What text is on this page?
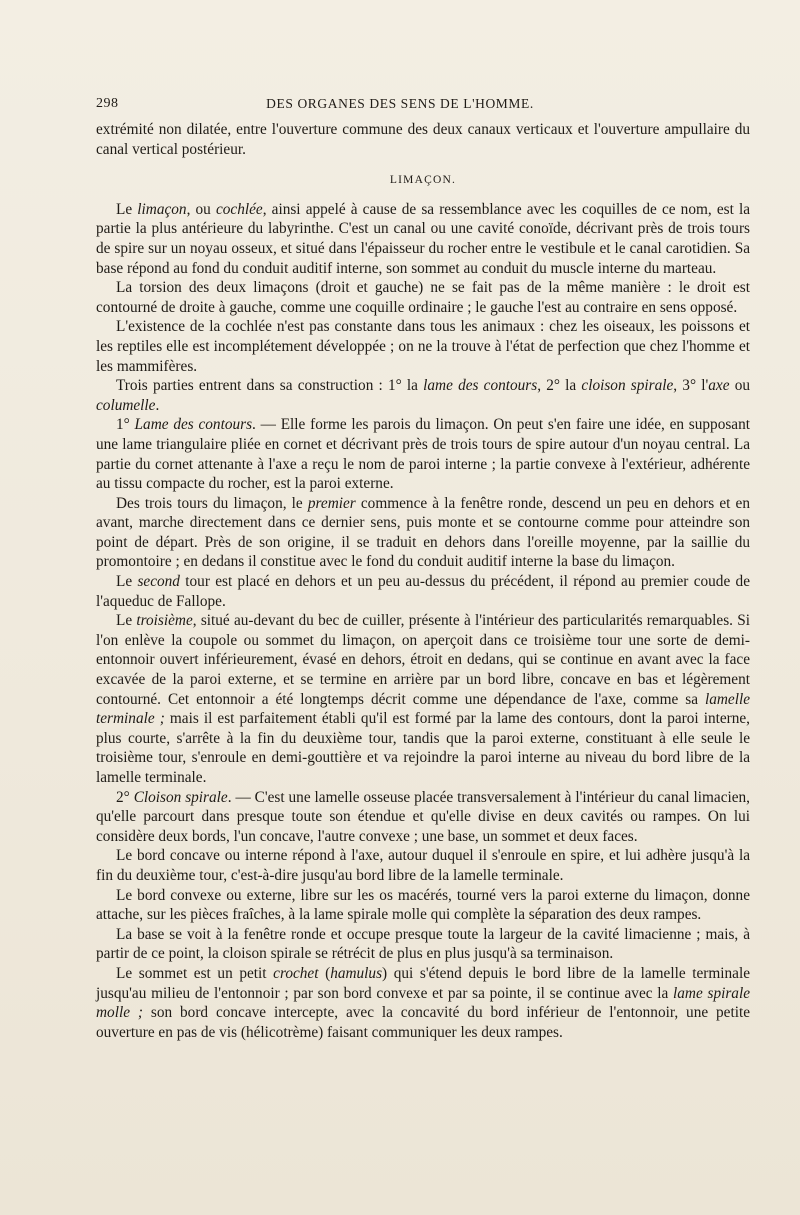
298	DES ORGANES DES SENS DE L'HOMME.

extrémité non dilatée, entre l'ouverture commune des deux canaux verticaux et l'ouverture ampullaire du canal vertical postérieur.

LIMAÇON.

Le limaçon, ou cochlée, ainsi appelé à cause de sa ressemblance avec les coquilles de ce nom, est la partie la plus antérieure du labyrinthe. C'est un canal ou une cavité conoïde, décrivant près de trois tours de spire sur un noyau osseux, et situé dans l'épaisseur du rocher entre le vestibule et le canal carotidien. Sa base répond au fond du conduit auditif interne, son sommet au conduit du muscle interne du marteau.

La torsion des deux limaçons (droit et gauche) ne se fait pas de la même manière : le droit est contourné de droite à gauche, comme une coquille ordinaire ; le gauche l'est au contraire en sens opposé.

L'existence de la cochlée n'est pas constante dans tous les animaux : chez les oiseaux, les poissons et les reptiles elle est incomplétement développée ; on ne la trouve à l'état de perfection que chez l'homme et les mammifères.

Trois parties entrent dans sa construction : 1° la lame des contours, 2° la cloison spirale, 3° l'axe ou columelle.

1° Lame des contours. — Elle forme les parois du limaçon. On peut s'en faire une idée, en supposant une lame triangulaire pliée en cornet et décrivant près de trois tours de spire autour d'un noyau central. La partie du cornet attenante à l'axe a reçu le nom de paroi interne ; la partie convexe à l'extérieur, adhérente au tissu compacte du rocher, est la paroi externe.

Des trois tours du limaçon, le premier commence à la fenêtre ronde, descend un peu en dehors et en avant, marche directement dans ce dernier sens, puis monte et se contourne comme pour atteindre son point de départ. Près de son origine, il se traduit en dehors dans l'oreille moyenne, par la saillie du promontoire ; en dedans il constitue avec le fond du conduit auditif interne la base du limaçon.

Le second tour est placé en dehors et un peu au-dessus du précédent, il répond au premier coude de l'aqueduc de Fallope.

Le troisième, situé au-devant du bec de cuiller, présente à l'intérieur des particularités remarquables. Si l'on enlève la coupole ou sommet du limaçon, on aperçoit dans ce troisième tour une sorte de demi-entonnoir ouvert inférieurement, évasé en dehors, étroit en dedans, qui se continue en avant avec la face excavée de la paroi externe, et se termine en arrière par un bord libre, concave en bas et légèrement contourné. Cet entonnoir a été longtemps décrit comme une dépendance de l'axe, comme sa lamelle terminale ; mais il est parfaitement établi qu'il est formé par la lame des contours, dont la paroi interne, plus courte, s'arrête à la fin du deuxième tour, tandis que la paroi externe, constituant à elle seule le troisième tour, s'enroule en demi-gouttière et va rejoindre la paroi interne au niveau du bord libre de la lamelle terminale.

2° Cloison spirale. — C'est une lamelle osseuse placée transversalement à l'intérieur du canal limacien, qu'elle parcourt dans presque toute son étendue et qu'elle divise en deux cavités ou rampes. On lui considère deux bords, l'un concave, l'autre convexe ; une base, un sommet et deux faces.

Le bord concave ou interne répond à l'axe, autour duquel il s'enroule en spire, et lui adhère jusqu'à la fin du deuxième tour, c'est-à-dire jusqu'au bord libre de la lamelle terminale.

Le bord convexe ou externe, libre sur les os macérés, tourné vers la paroi externe du limaçon, donne attache, sur les pièces fraîches, à la lame spirale molle qui complète la séparation des deux rampes.

La base se voit à la fenêtre ronde et occupe presque toute la largeur de la cavité limacienne ; mais, à partir de ce point, la cloison spirale se rétrécit de plus en plus jusqu'à sa terminaison.

Le sommet est un petit crochet (hamulus) qui s'étend depuis le bord libre de la lamelle terminale jusqu'au milieu de l'entonnoir ; par son bord convexe et par sa pointe, il se continue avec la lame spirale molle ; son bord concave intercepte, avec la concavité du bord inférieur de l'entonnoir, une petite ouverture en pas de vis (hélicotrème) faisant communiquer les deux rampes.
